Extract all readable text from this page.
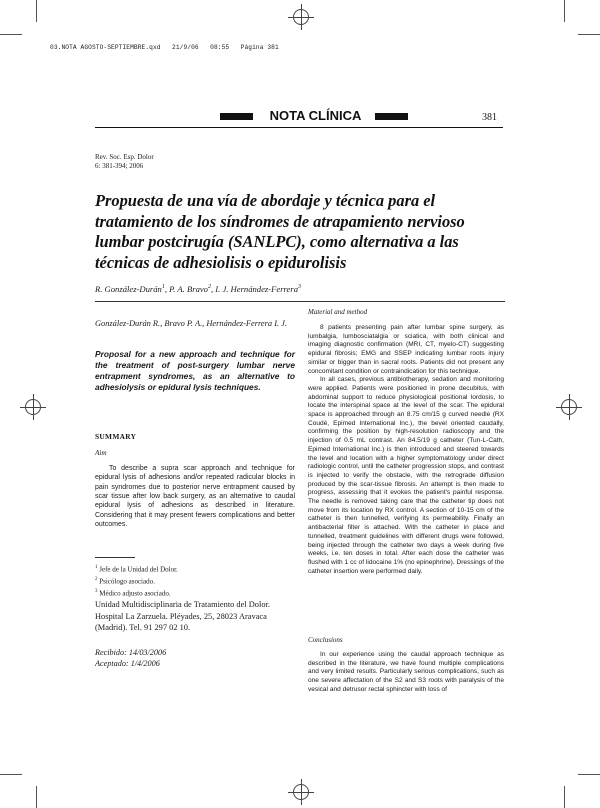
03.NOTA AGOSTO-SEPTIEMBRE.qxd   21/9/06   08:55   Página 381
NOTA CLÍNICA	381
Rev. Soc. Esp. Dolor
6: 381-394; 2006
Propuesta de una vía de abordaje y técnica para el tratamiento de los síndromes de atrapamiento nervioso lumbar postcirugía (SANLPC), como alternativa a las técnicas de adhesiolisis o epidurolisis
R. González-Durán$^1$, P. A. Bravo$^2$, I. J. Hernández-Ferrera$^3$
González-Durán R., Bravo P. A., Hernández-Ferrera I. J.
Proposal for a new approach and technique for the treatment of post-surgery lumbar nerve entrapment syndromes, as an alternative to adhesiolysis or epidural lysis techniques.
SUMMARY
Aim
To describe a supra scar approach and technique for epidural lysis of adhesions and/or repeated radicular blocks in pain syndromes due to posterior nerve entrapment caused by scar tissue after low back surgery, as an alternative to caudal epidural lysis of adhesions as described in literature. Considering that it may present fewers complications and better outcomes.
$^1$ Jefe de la Unidad del Dolor.
$^2$ Psicólogo asociado.
$^3$ Médico adjusto asociado.
Unidad Multidisciplinaria de Tratamiento del Dolor.
Hospital La Zarzuela. Pléyades, 25, 28023 Aravaca
(Madrid). Tel. 91 297 02 10.
Recibido: 14/03/2006
Aceptado: 1/4/2006
Material and method

8 patients presenting pain after lumbar spine surgery, as lumbalgia, lumbosciatalgia or sciatica, with both clinical and imaging diagnostic confirmation (MRI, CT, myelo-CT) suggesting epidural fibrosis; EMG and SSEP indicating lumbar roots injury similar or bigger than in sacral roots. Patients did not present any concomitant condition or contraindication for this technique.

In all cases, previous antibiotherapy, sedation and monitoring were applied. Patients were positioned in prone decubitus, with abdominal support to reduce physiological positional lordosis, to locate the interspinal space at the level of the scar. The epidural space is approached through an 8.75 cm/15 g curved needle (RX Coudé, Epimed International Inc.), the bevel oriented caudally, confirming the position by high-resolution radioscopy and the injection of 0.5 mL contrast. An 84.5/19 g catheter (Tun-L-Cath, Epimed International Inc.) is then introduced and steered towards the level and location with a higher symptomatology under direct radiologic control, until the catheter progression stops, and contrast is injected to verify the obstacle, with the retrograde diffusion produced by the scar-tissue fibrosis. An attempt is then made to progress, assessing that it evokes the patient's painful response. The needle is removed taking care that the catheter tip does not move from its location by RX control. A section of 10-15 cm of the catheter is then tunnelled, verifying its permeability. Finally an antibacterial filter is attached. With the catheter in place and tunnelled, treatment guidelines with different drugs were followed, being injected through the catheter two days a week during five weeks, i.e. ten doses in total. After each dose the catheter was flushed with 1 cc of lidocaine 1% (no epinephrine). Dressings of the catheter insertion were performed daily.

Conclusions

In our experience using the caudal approach technique as described in the literature, we have found multiple complications and very limited results. Particularly serious complications, such as one severe affectation of the S2 and S3 roots with paralysis of the vesical and detrusor rectal sphincter with loss of
